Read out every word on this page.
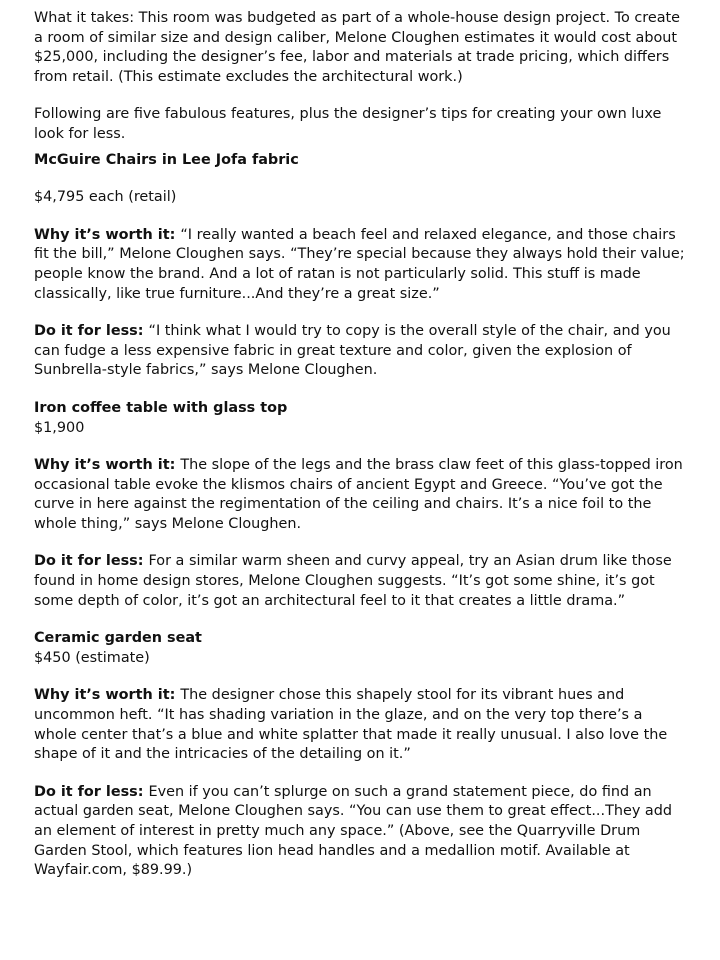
What it takes: This room was budgeted as part of a whole-house design project. To create a room of similar size and design caliber, Melone Cloughen estimates it would cost about $25,000, including the designer’s fee, labor and materials at trade pricing, which differs from retail. (This estimate excludes the architectural work.)

Following are five fabulous features, plus the designer’s tips for creating your own luxe look for less.

McGuire Chairs in Lee Jofa fabric

$4,795 each (retail)

Why it’s worth it: “I really wanted a beach feel and relaxed elegance, and those chairs fit the bill,” Melone Cloughen says. “They’re special because they always hold their value; people know the brand. And a lot of ratan is not particularly solid. This stuff is made classically, like true furniture...And they’re a great size.”

Do it for less: “I think what I would try to copy is the overall style of the chair, and you can fudge a less expensive fabric in great texture and color, given the explosion of Sunbrella-style fabrics,” says Melone Cloughen.

Iron coffee table with glass top

$1,900

Why it’s worth it: The slope of the legs and the brass claw feet of this glass-topped iron occasional table evoke the klismos chairs of ancient Egypt and Greece. “You’ve got the curve in here against the regimentation of the ceiling and chairs. It’s a nice foil to the whole thing,” says Melone Cloughen.

Do it for less: For a similar warm sheen and curvy appeal, try an Asian drum like those found in home design stores, Melone Cloughen suggests. “It’s got some shine, it’s got some depth of color, it’s got an architectural feel to it that creates a little drama.”

Ceramic garden seat

$450 (estimate)

Why it’s worth it: The designer chose this shapely stool for its vibrant hues and uncommon heft. “It has shading variation in the glaze, and on the very top there’s a whole center that’s a blue and white splatter that made it really unusual. I also love the shape of it and the intricacies of the detailing on it.”

Do it for less: Even if you can’t splurge on such a grand statement piece, do find an actual garden seat, Melone Cloughen says. “You can use them to great effect...They add an element of interest in pretty much any space.” (Above, see the Quarryville Drum Garden Stool, which features lion head handles and a medallion motif. Available at Wayfair.com, $89.99.)
